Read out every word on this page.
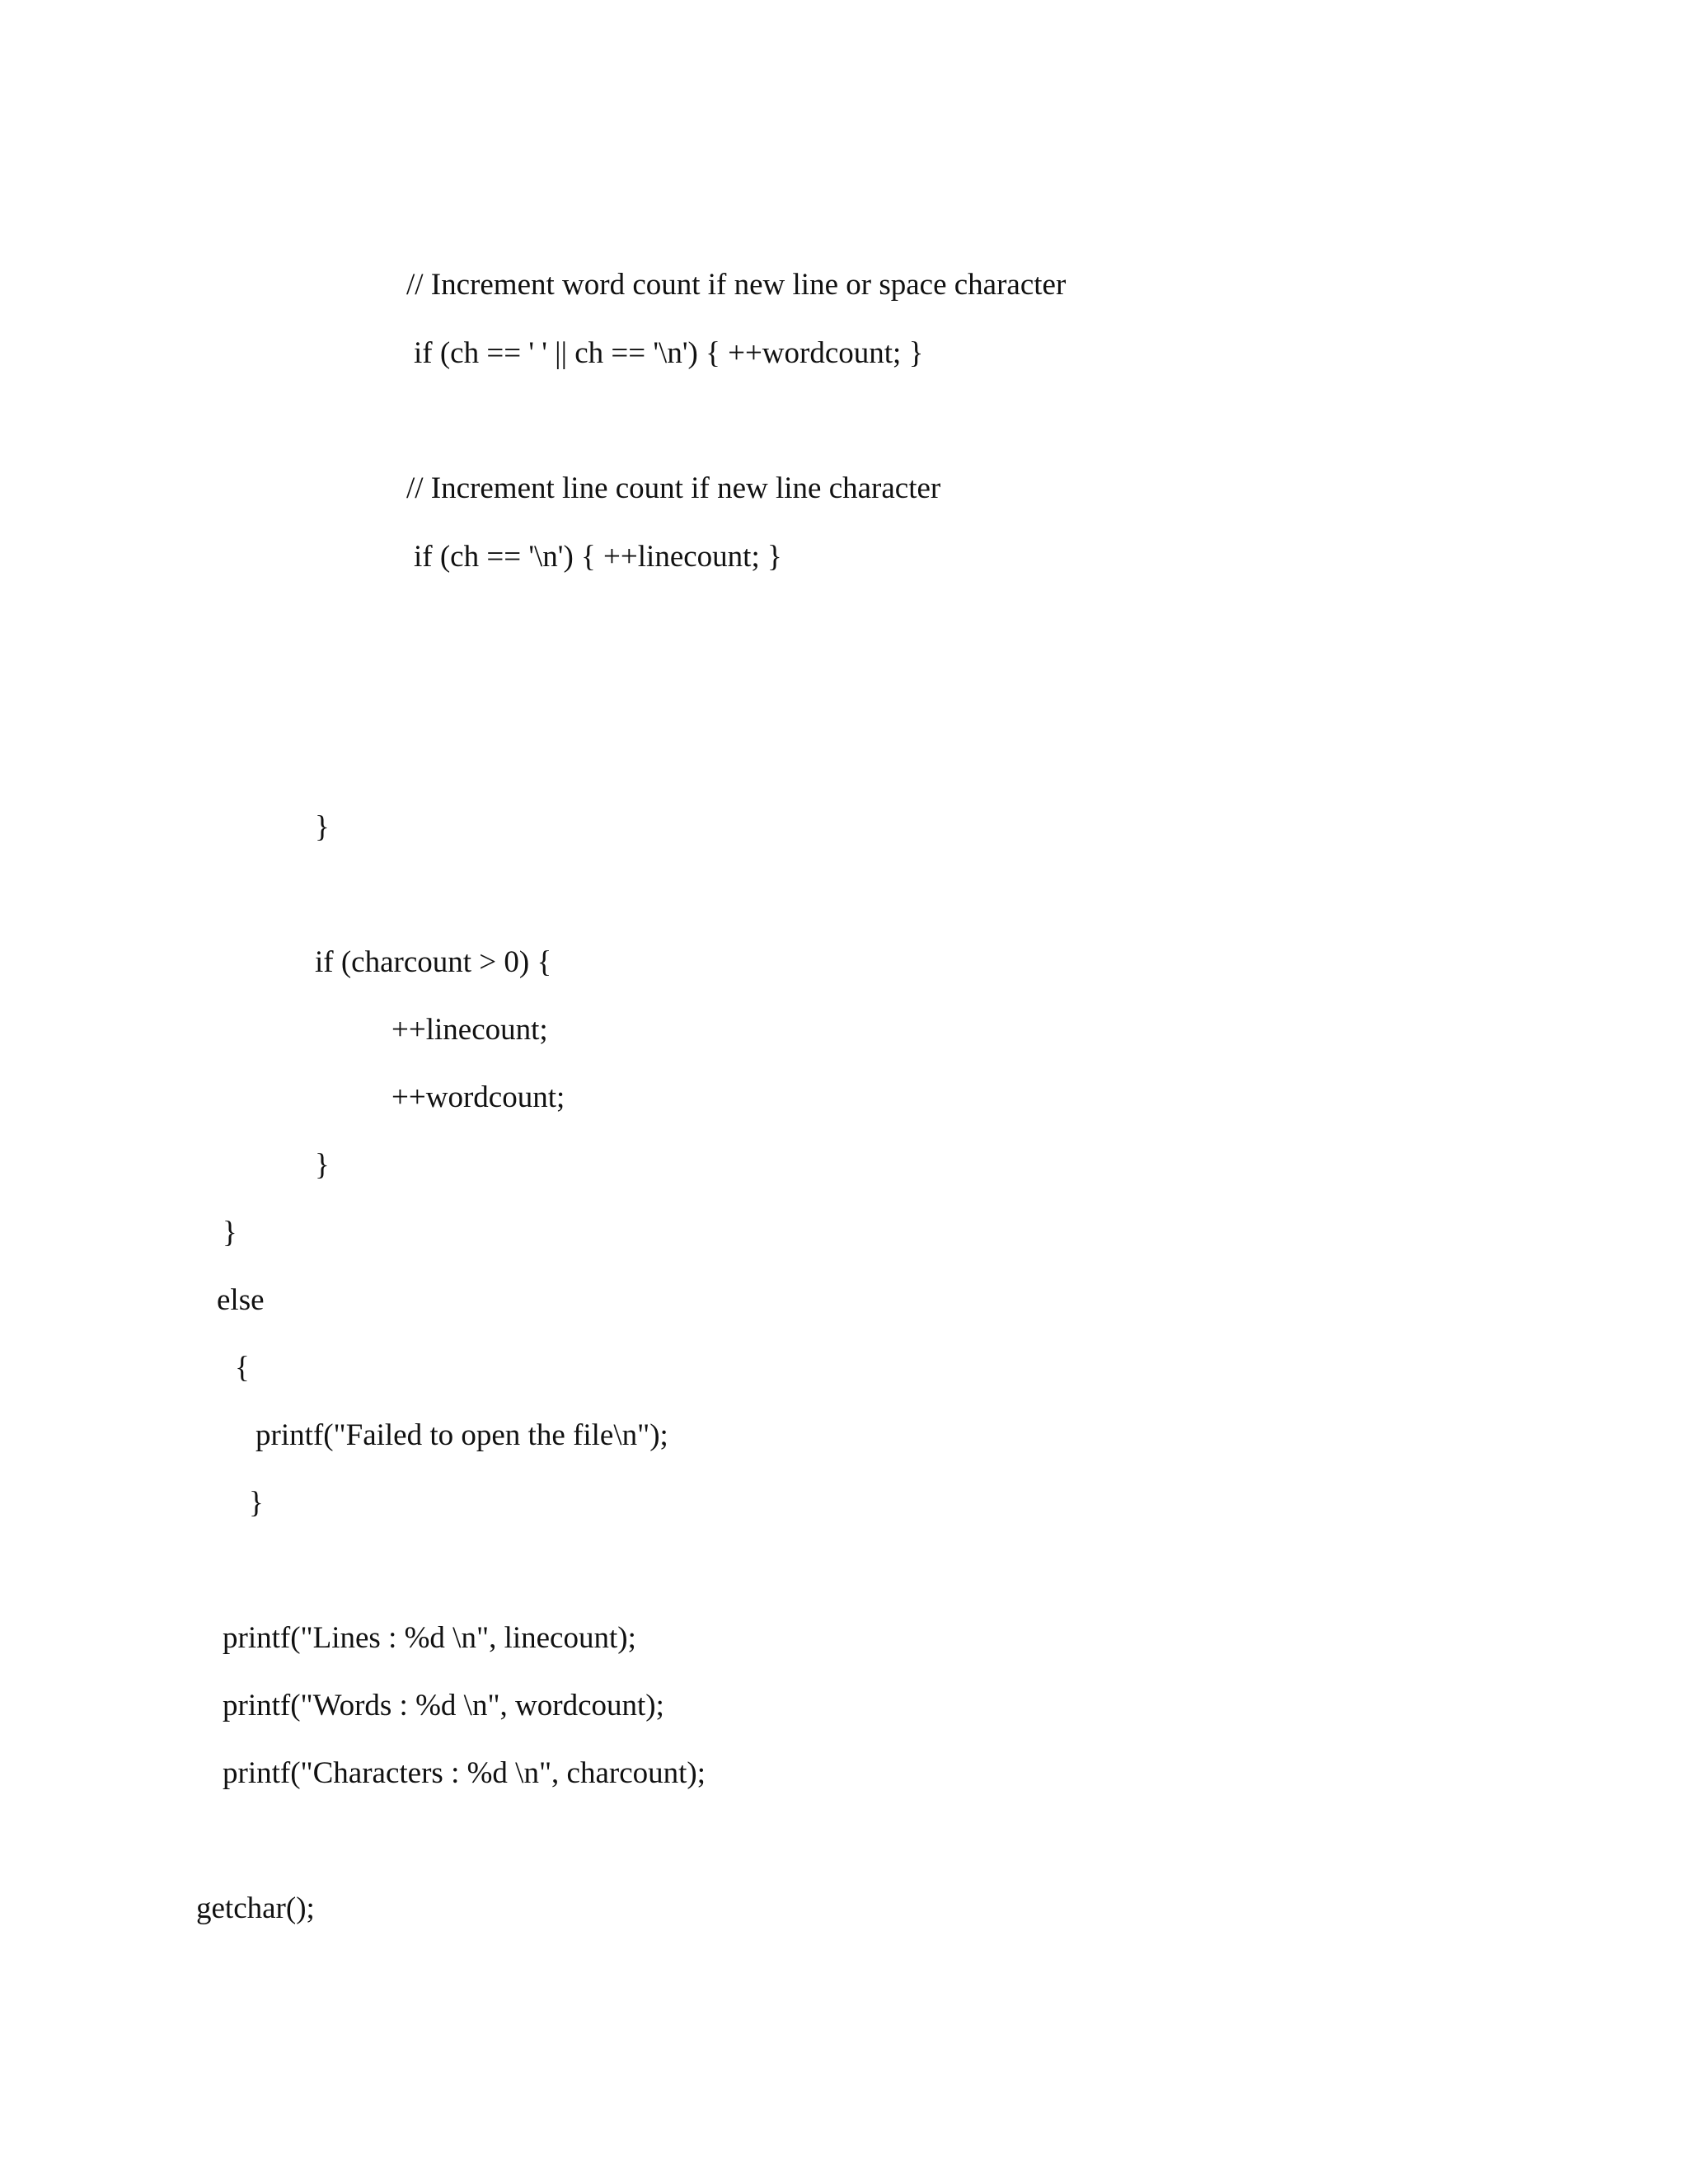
// Increment word count if new line or space character
if (ch == ' ' || ch == '\n') { ++wordcount; }
// Increment line count if new line character
if (ch == '\n') { ++linecount; }
}
if (charcount > 0) {
++linecount;
++wordcount;
}
}
else
{
printf("Failed to open the file\n");
}
printf("Lines : %d \n", linecount);
printf("Words : %d \n", wordcount);
printf("Characters : %d \n", charcount);
getchar();
